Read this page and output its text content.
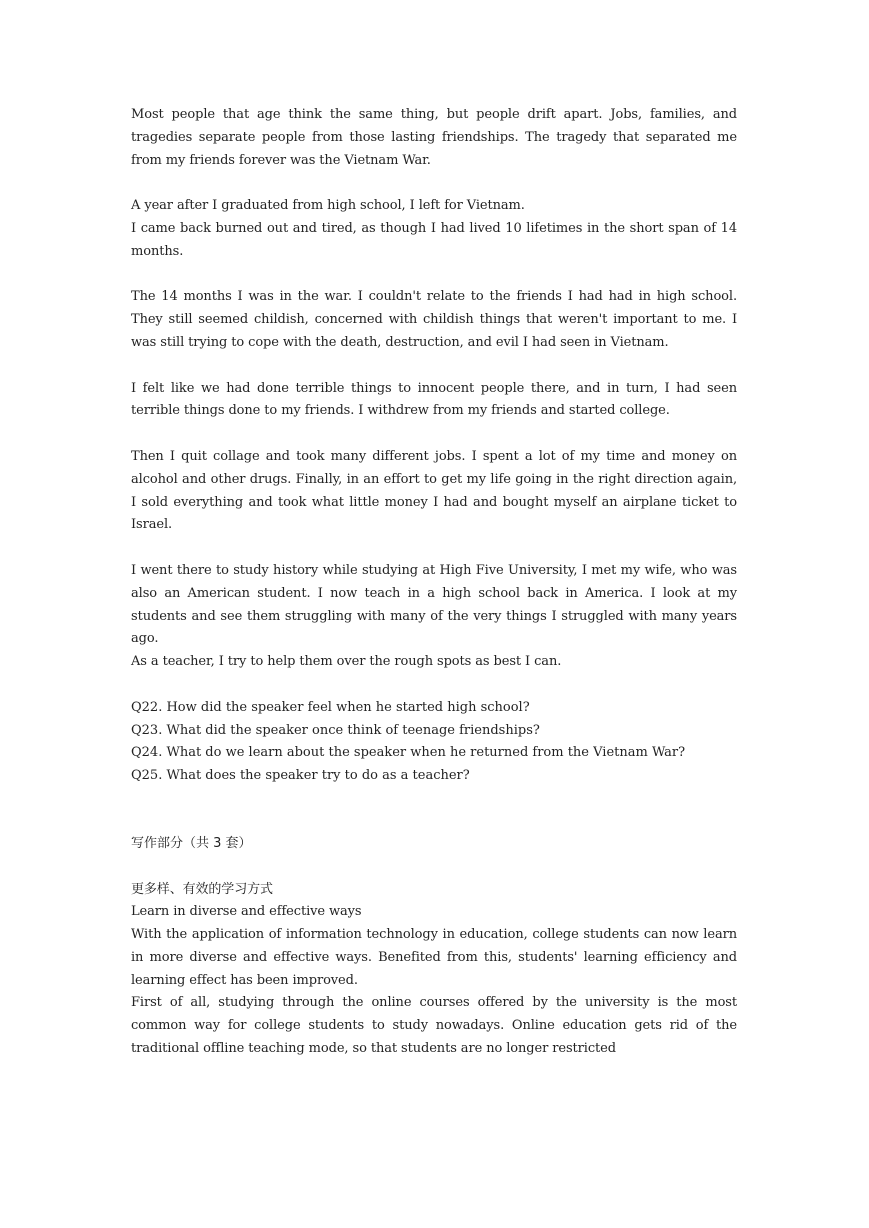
Most people that age think the same thing, but people drift apart. Jobs, families, and tragedies separate people from those lasting friendships. The tragedy that separated me from my friends forever was the Vietnam War.
A year after I graduated from high school, I left for Vietnam.
I came back burned out and tired, as though I had lived 10 lifetimes in the short span of 14 months.
The 14 months I was in the war. I couldn't relate to the friends I had had in high school. They still seemed childish, concerned with childish things that weren't important to me. I was still trying to cope with the death, destruction, and evil I had seen in Vietnam.
I felt like we had done terrible things to innocent people there, and in turn, I had seen terrible things done to my friends. I withdrew from my friends and started college.
Then I quit collage and took many different jobs. I spent a lot of my time and money on alcohol and other drugs. Finally, in an effort to get my life going in the right direction again, I sold everything and took what little money I had and bought myself an airplane ticket to Israel.
I went there to study history while studying at High Five University, I met my wife, who was also an American student. I now teach in a high school back in America. I look at my students and see them struggling with many of the very things I struggled with many years ago.
As a teacher, I try to help them over the rough spots as best I can.
Q22. How did the speaker feel when he started high school?
Q23. What did the speaker once think of teenage friendships?
Q24. What do we learn about the speaker when he returned from the Vietnam War?
Q25. What does the speaker try to do as a teacher?
写作部分（共 3 套）
更多样、有效的学习方式
Learn in diverse and effective ways
With the application of information technology in education, college students can now learn in more diverse and effective ways. Benefited from this, students' learning efficiency and learning effect has been improved.
First of all, studying through the online courses offered by the university is the most common way for college students to study nowadays. Online education gets rid of the traditional offline teaching mode, so that students are no longer restricted
